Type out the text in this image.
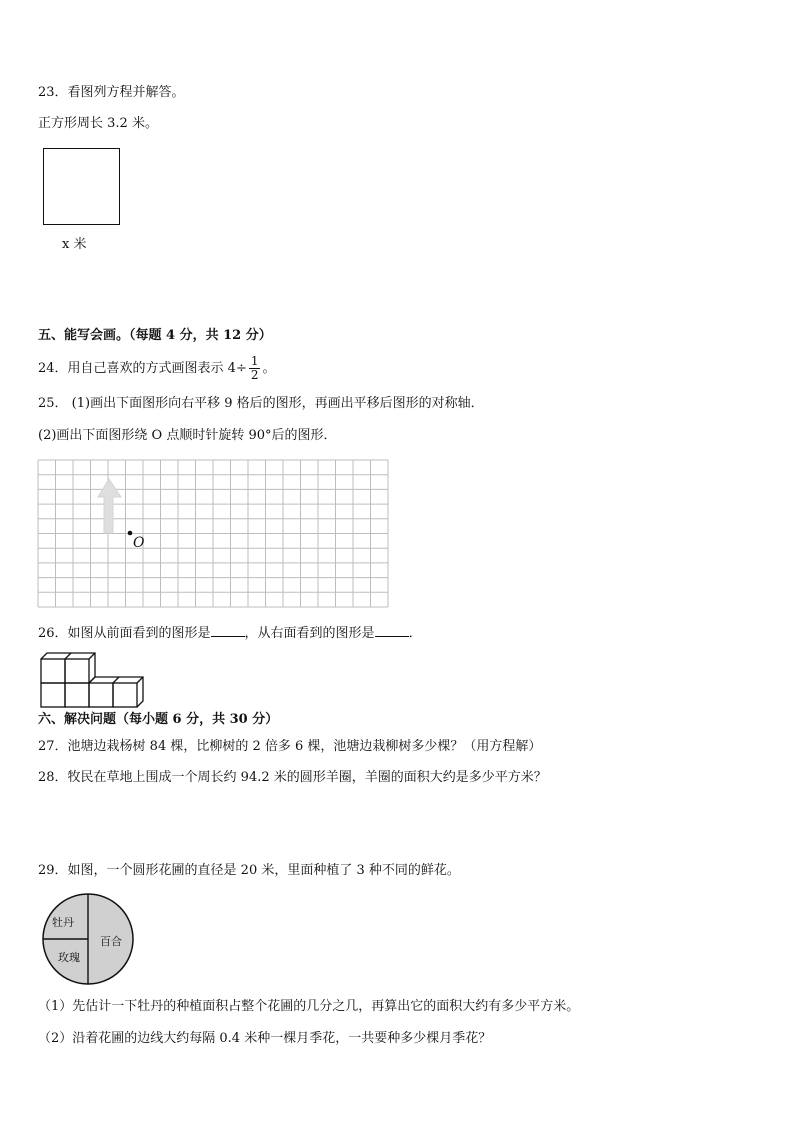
23．看图列方程并解答。
正方形周长 3.2 米。
x 米
五、能写会画。（每题 4 分，共 12 分）
24．用自己喜欢的方式画图表示 $4\div \frac{1}{2}$ 。
25． (1)画出下面图形向右平移 9 格后的图形，再画出平移后图形的对称轴．
(2)画出下面图形绕 O 点顺时针旋转 90°后的图形．
O
26．如图从前面看到的图形是	，从右面看到的图形是	．
六、解决问题（每小题 6 分，共 30 分）
27．池塘边栽杨树 84 棵，比柳树的 2 倍多 6 棵，池塘边栽柳树多少棵？（用方程解）
28．牧民在草地上围成一个周长约 94.2 米的圆形羊圈，羊圈的面积大约是多少平方米？
29．如图，一个圆形花圃的直径是 20 米，里面种植了 3 种不同的鲜花。
牡丹
百合
玫瑰
（1）先估计一下牡丹的种植面积占整个花圃的几分之几，再算出它的面积大约有多少平方米。
（2）沿着花圃的边线大约每隔 0.4 米种一棵月季花，一共要种多少棵月季花？
